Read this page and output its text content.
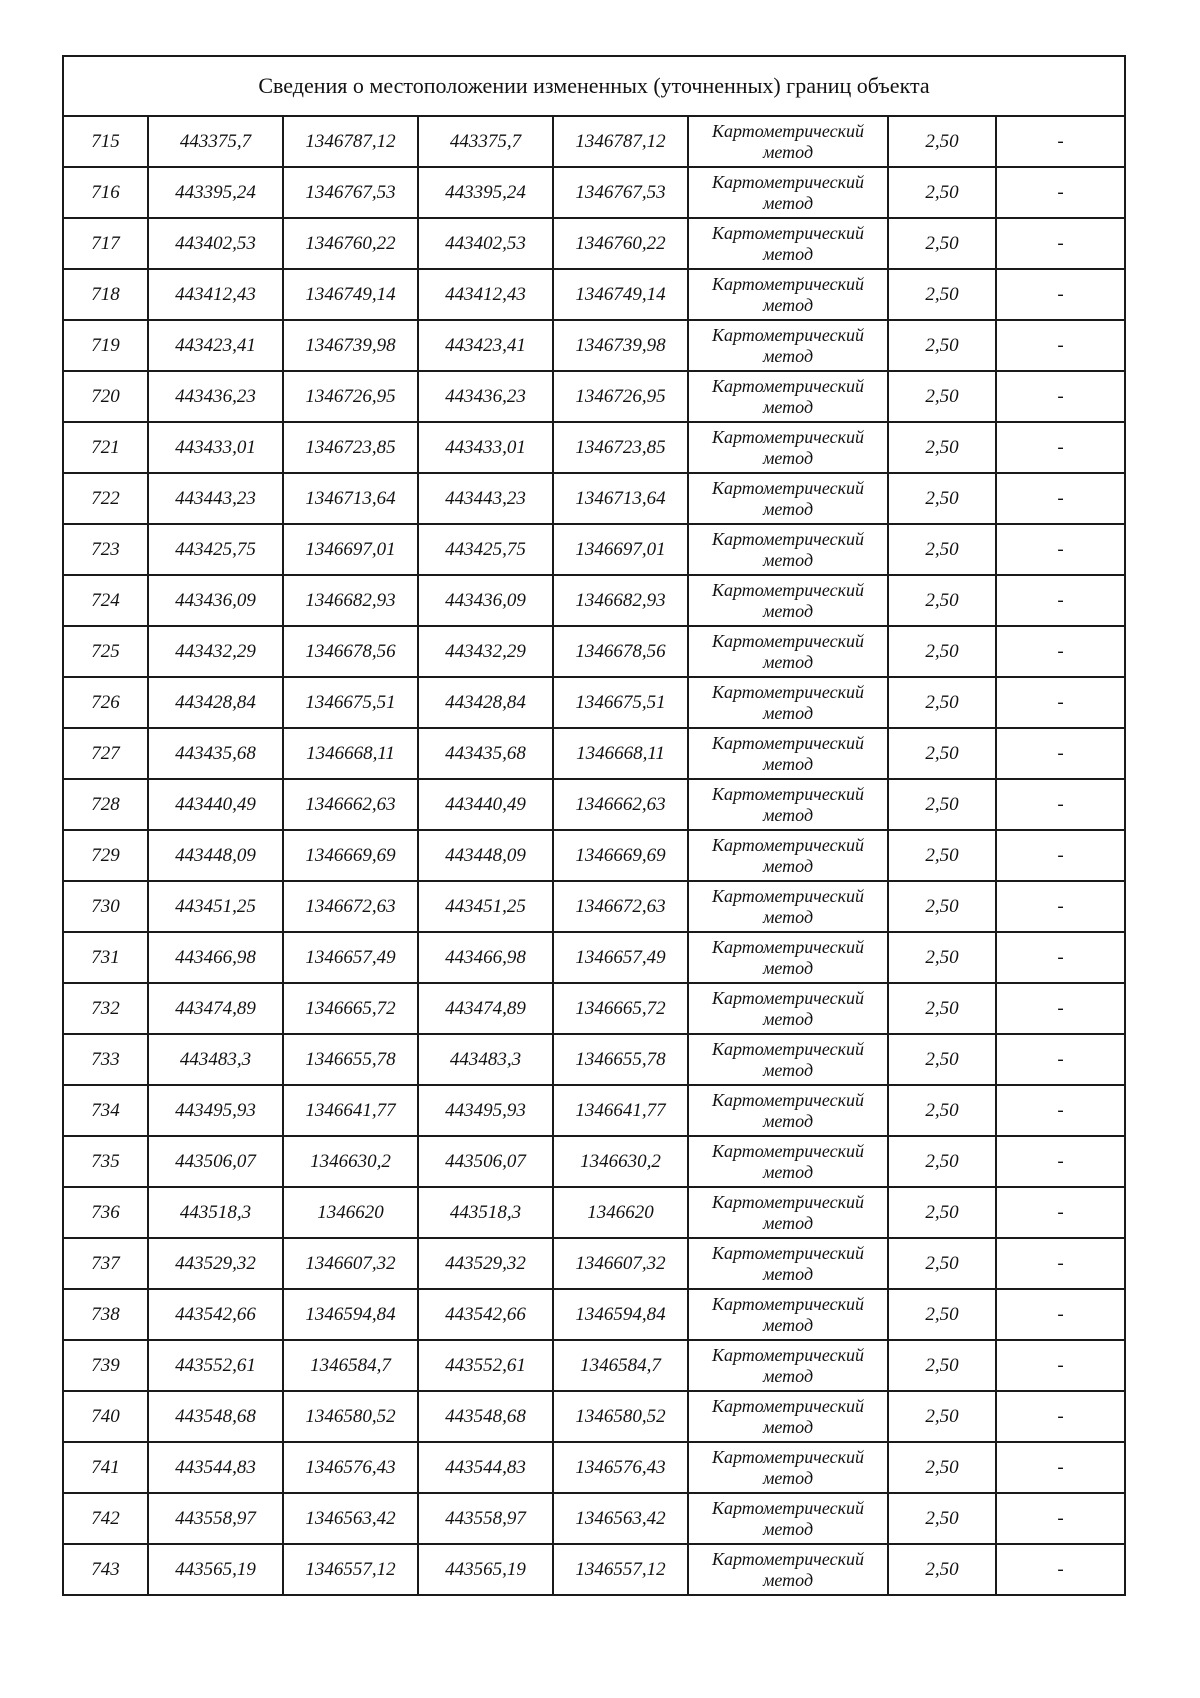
Сведения о местоположении измененных (уточненных) границ объекта							
715	443375,7	1346787,12	443375,7	1346787,12	Картометрический метод	2,50	-
716	443395,24	1346767,53	443395,24	1346767,53	Картометрический метод	2,50	-
717	443402,53	1346760,22	443402,53	1346760,22	Картометрический метод	2,50	-
718	443412,43	1346749,14	443412,43	1346749,14	Картометрический метод	2,50	-
719	443423,41	1346739,98	443423,41	1346739,98	Картометрический метод	2,50	-
720	443436,23	1346726,95	443436,23	1346726,95	Картометрический метод	2,50	-
721	443433,01	1346723,85	443433,01	1346723,85	Картометрический метод	2,50	-
722	443443,23	1346713,64	443443,23	1346713,64	Картометрический метод	2,50	-
723	443425,75	1346697,01	443425,75	1346697,01	Картометрический метод	2,50	-
724	443436,09	1346682,93	443436,09	1346682,93	Картометрический метод	2,50	-
725	443432,29	1346678,56	443432,29	1346678,56	Картометрический метод	2,50	-
726	443428,84	1346675,51	443428,84	1346675,51	Картометрический метод	2,50	-
727	443435,68	1346668,11	443435,68	1346668,11	Картометрический метод	2,50	-
728	443440,49	1346662,63	443440,49	1346662,63	Картометрический метод	2,50	-
729	443448,09	1346669,69	443448,09	1346669,69	Картометрический метод	2,50	-
730	443451,25	1346672,63	443451,25	1346672,63	Картометрический метод	2,50	-
731	443466,98	1346657,49	443466,98	1346657,49	Картометрический метод	2,50	-
732	443474,89	1346665,72	443474,89	1346665,72	Картометрический метод	2,50	-
733	443483,3	1346655,78	443483,3	1346655,78	Картометрический метод	2,50	-
734	443495,93	1346641,77	443495,93	1346641,77	Картометрический метод	2,50	-
735	443506,07	1346630,2	443506,07	1346630,2	Картометрический метод	2,50	-
736	443518,3	1346620	443518,3	1346620	Картометрический метод	2,50	-
737	443529,32	1346607,32	443529,32	1346607,32	Картометрический метод	2,50	-
738	443542,66	1346594,84	443542,66	1346594,84	Картометрический метод	2,50	-
739	443552,61	1346584,7	443552,61	1346584,7	Картометрический метод	2,50	-
740	443548,68	1346580,52	443548,68	1346580,52	Картометрический метод	2,50	-
741	443544,83	1346576,43	443544,83	1346576,43	Картометрический метод	2,50	-
742	443558,97	1346563,42	443558,97	1346563,42	Картометрический метод	2,50	-
743	443565,19	1346557,12	443565,19	1346557,12	Картометрический метод	2,50	-
